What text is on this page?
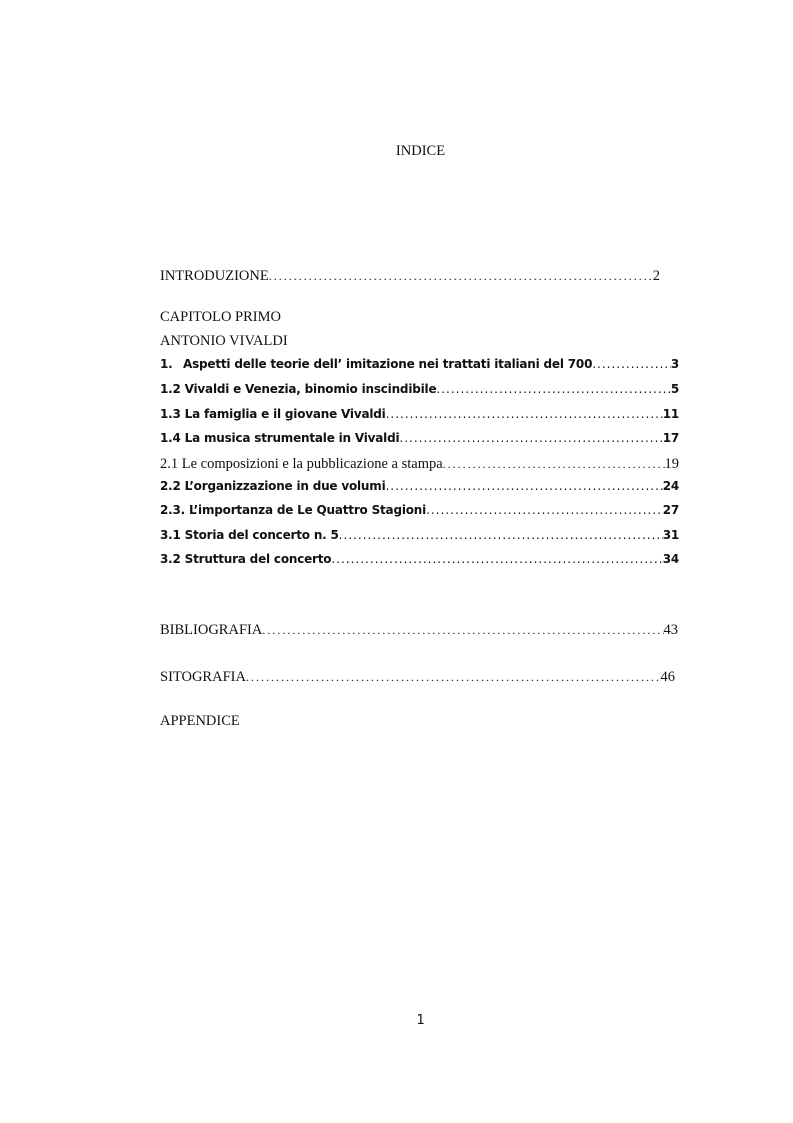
INDICE
INTRODUZIONE .....	2
CAPITOLO PRIMO
ANTONIO VIVALDI
1. Aspetti delle teorie dell’ imitazione nei trattati italiani del 700 .....	3
1.2 Vivaldi e Venezia, binomio inscindibile .....	5
1.3 La famiglia e il giovane Vivaldi .....	11
1.4 La musica strumentale in Vivaldi .....	17
2.1 Le composizioni e la pubblicazione a stampa .....	19
2.2 L’organizzazione in due volumi .....	24
2.3. L’importanza de Le Quattro Stagioni .....	27
3.1 Storia del concerto n. 5 .....	31
3.2 Struttura del concerto .....	34
BIBLIOGRAFIA .....	43
SITOGRAFIA .....	46
APPENDICE
1
